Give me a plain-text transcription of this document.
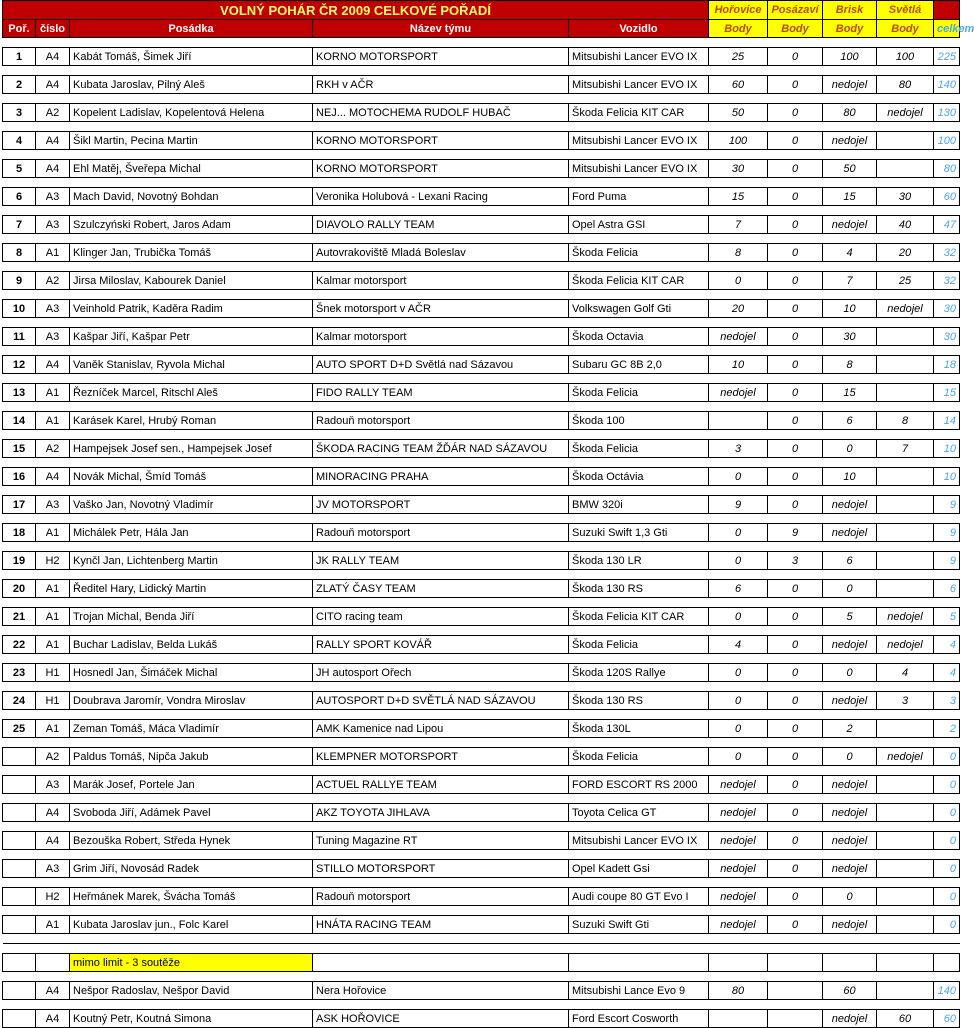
VOLNÝ POHÁR ČR 2009 CELKOVÉ POŘADÍ					Hořovice	Posázaví	Brisk	Světlá	
Poř.	číslo	Posádka	Název týmu	Vozidlo	Body	Body	Body	Body	celkem

1	A4	Kabát Tomáš, Šimek Jiří	KORNO MOTORSPORT	Mitsubishi Lancer EVO IX	25	0	100	100	225

2	A4	Kubata Jaroslav, Pilný Aleš	RKH v AČR	Mitsubishi Lancer EVO IX	60	0	nedojel	80	140

3	A2	Kopelent Ladislav, Kopelentová Helena	NEJ... MOTOCHEMA RUDOLF HUBAČ	Škoda Felicia KIT CAR	50	0	80	nedojel	130

4	A4	Šikl Martin, Pecina Martin	KORNO MOTORSPORT	Mitsubishi Lancer EVO IX	100	0	nedojel		100

5	A4	Ehl Matěj, Šveřepa Michal	KORNO MOTORSPORT	Mitsubishi Lancer EVO IX	30	0	50		80

6	A3	Mach David, Novotný Bohdan	Veronika Holubová - Lexani Racing	Ford Puma	15	0	15	30	60

7	A3	Szulczyński Robert, Jaros Adam	DIAVOLO RALLY TEAM	Opel Astra GSI	7	0	nedojel	40	47

8	A1	Klinger Jan, Trubička Tomáš	Autovrakoviště Mladá Boleslav	Škoda Felicia	8	0	4	20	32

9	A2	Jirsa Miloslav, Kabourek Daniel	Kalmar motorsport	Škoda Felicia KIT CAR	0	0	7	25	32

10	A3	Veinhold Patrik, Kaděra Radim	Šnek motorsport v AČR	Volkswagen Golf Gti	20	0	10	nedojel	30

11	A3	Kašpar Jiří, Kašpar Petr	Kalmar motorsport	Škoda Octavia	nedojel	0	30		30

12	A4	Vaněk Stanislav, Ryvola Michal	AUTO SPORT D+D Světlá nad Sázavou	Subaru GC 8B 2,0	10	0	8		18

13	A1	Řezníček Marcel, Ritschl Aleš	FIDO RALLY TEAM	Škoda Felicia	nedojel	0	15		15

14	A1	Karásek Karel, Hrubý Roman	Radouň motorsport	Škoda 100		0	6	8	14

15	A2	Hampejsek Josef sen., Hampejsek Josef	ŠKODA RACING TEAM ŽĎÁR NAD SÁZAVOU	Škoda Felicia	3	0	0	7	10

16	A4	Novák Michal, Šmíd Tomáš	MINORACING PRAHA	Škoda Octávia	0	0	10		10

17	A3	Vaško Jan, Novotný Vladimír	JV MOTORSPORT	BMW 320i	9	0	nedojel		9

18	A1	Michálek Petr, Hála Jan	Radouň motorsport	Suzuki Swift 1,3 Gti	0	9	nedojel		9

19	H2	Kynčl Jan, Lichtenberg Martin	JK RALLY TEAM	Škoda 130 LR	0	3	6		9

20	A1	Ředitel Hary, Lidický Martin	ZLATÝ ČASY TEAM	Škoda 130 RS	6	0	0		6

21	A1	Trojan Michal, Benda Jiří	CITO racing team	Škoda Felicia KIT CAR	0	0	5	nedojel	5

22	A1	Buchar Ladislav, Belda Lukáš	RALLY SPORT KOVÁŘ	Škoda Felicia	4	0	nedojel	nedojel	4

23	H1	Hosnedl Jan, Šimáček Michal	JH autosport Ořech	Škoda 120S Rallye	0	0	0	4	4

24	H1	Doubrava Jaromír, Vondra Miroslav	AUTOSPORT D+D SVĚTLÁ NAD SÁZAVOU	Škoda 130 RS	0	0	nedojel	3	3

25	A1	Zeman Tomáš, Máca Vladimír	AMK Kamenice nad Lipou	Škoda 130L	0	0	2		2

	A2	Paldus Tomáš, Nipča Jakub	KLEMPNER MOTORSPORT	Škoda Felicia	0	0	0	nedojel	0

	A3	Marák Josef, Portele Jan	ACTUEL RALLYE TEAM	FORD ESCORT RS 2000	nedojel	0	nedojel		0

	A4	Svoboda Jiří, Adámek Pavel	AKZ TOYOTA JIHLAVA	Toyota Celica GT	nedojel	0	nedojel		0

	A4	Bezouška Robert, Středa Hynek	Tuning Magazine RT	Mitsubishi Lancer EVO IX	nedojel	0	nedojel		0

	A3	Grim Jiří, Novosád Radek	STILLO MOTORSPORT	Opel Kadett Gsi	nedojel	0	nedojel		0

	H2	Heřmánek Marek, Švácha Tomáš	Radouň motorsport	Audi coupe 80 GT Evo I	nedojel	0	0		0

	A1	Kubata Jaroslav jun., Folc Karel	HNÁTA RACING TEAM	Suzuki Swift Gti	nedojel	0	nedojel		0

		mimo limit - 3 soutěže							

	A4	Nešpor Radoslav, Nešpor David	Nera Hořovice	Mitsubishi Lance Evo 9	80		60		140

	A4	Koutný Petr, Koutná Simona	ASK HOŘOVICE	Ford Escort Cosworth			nedojel	60	60
